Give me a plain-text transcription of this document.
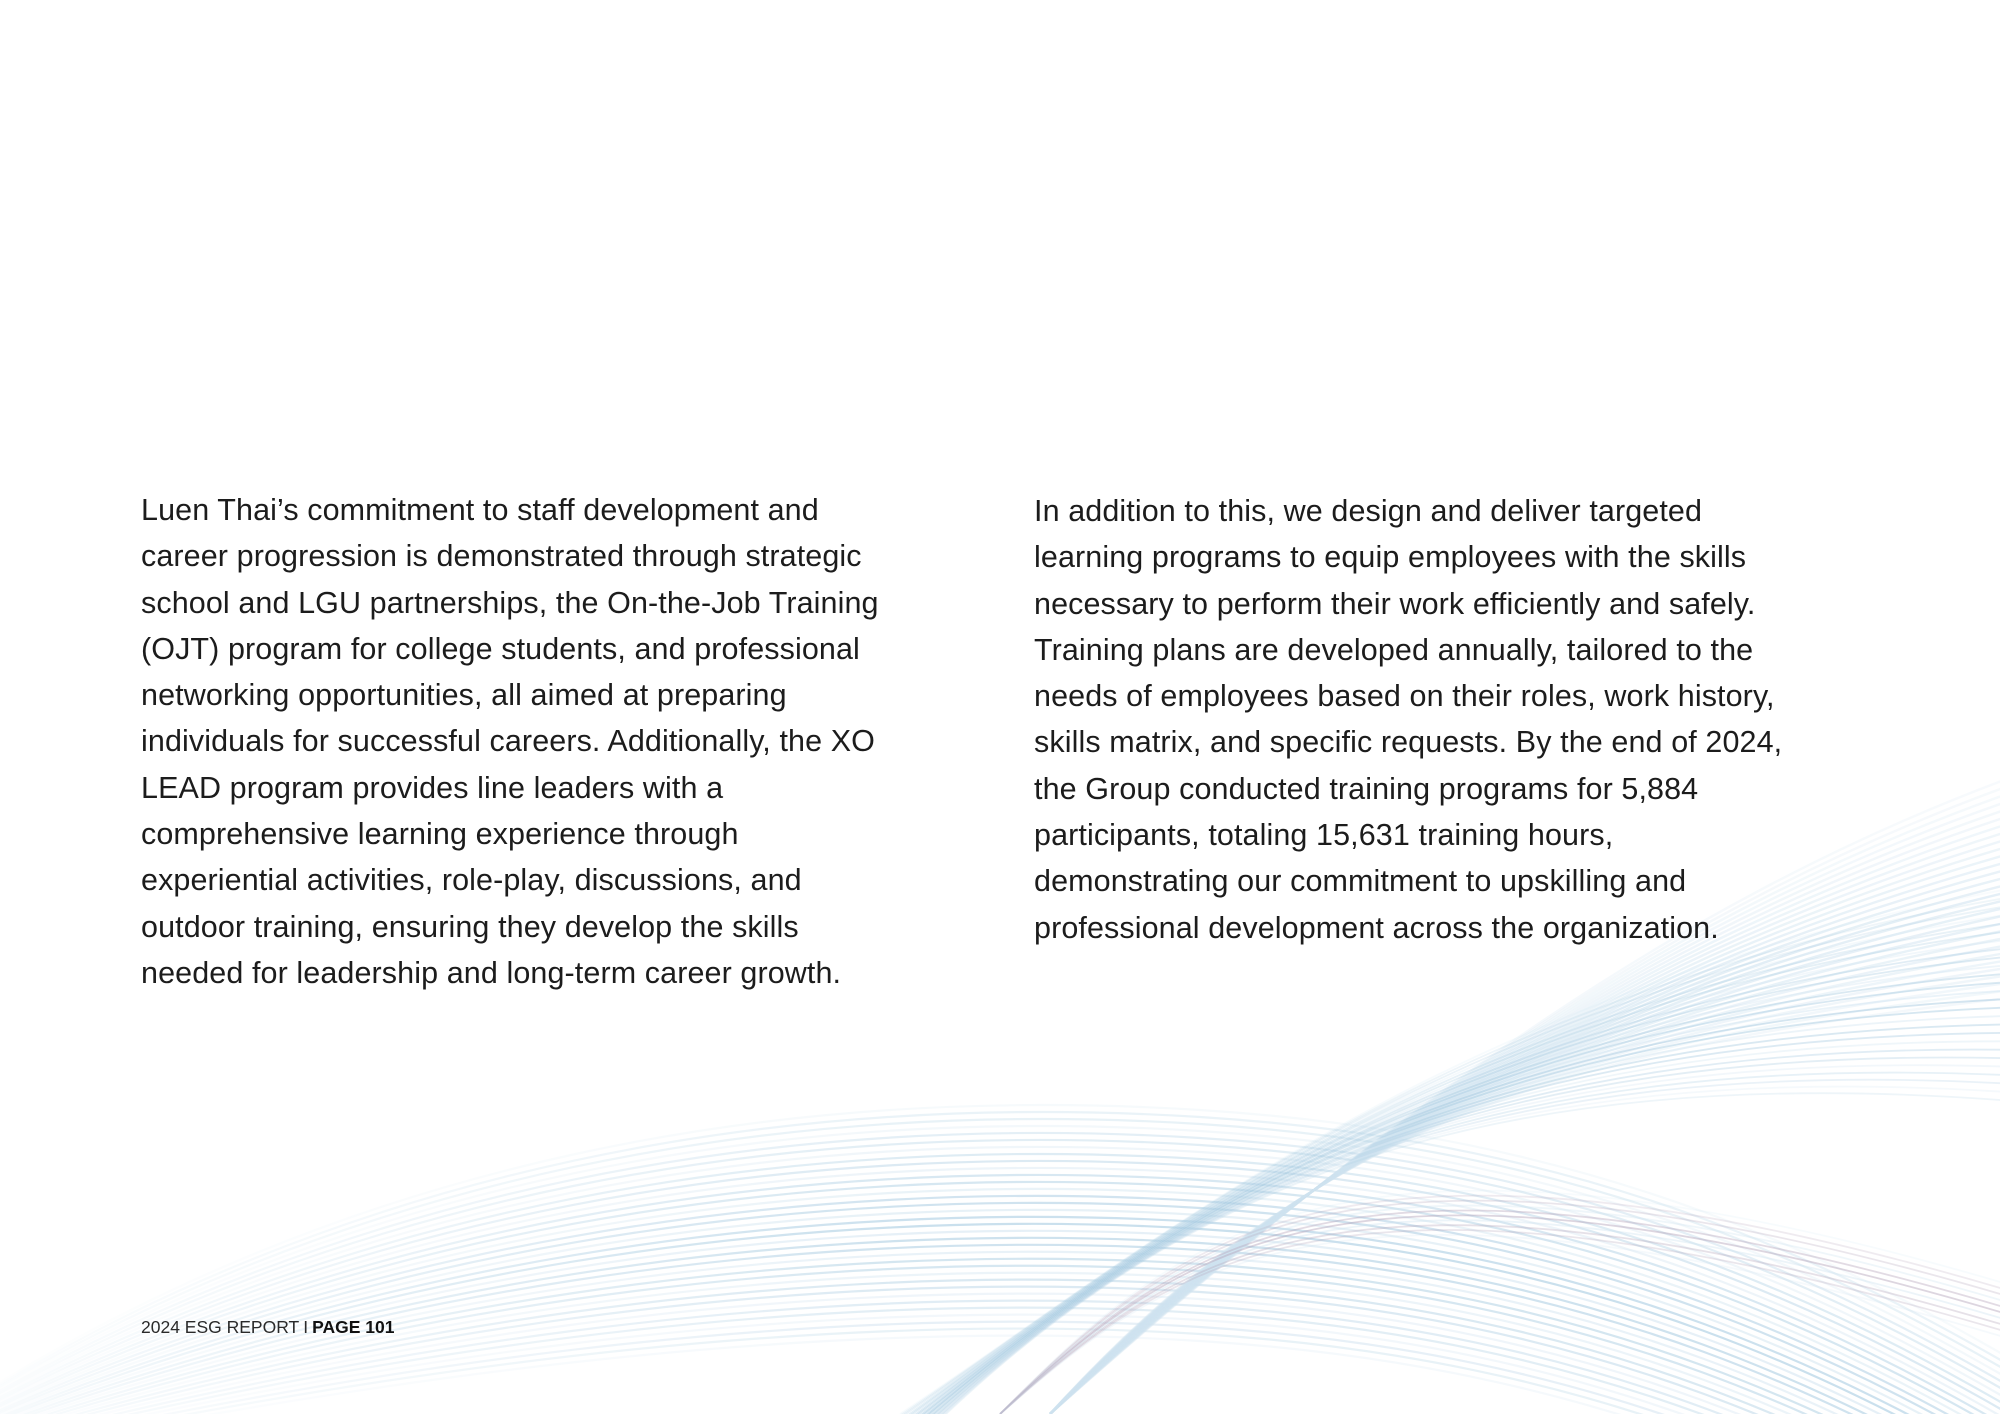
Luen Thai’s commitment to staff development and
career progression is demonstrated through strategic
school and LGU partnerships, the On-the-Job Training
(OJT) program for college students, and professional
networking opportunities, all aimed at preparing
individuals for successful careers. Additionally, the XO
LEAD program provides line leaders with a
comprehensive learning experience through
experiential activities, role-play, discussions, and
outdoor training, ensuring they develop the skills
needed for leadership and long-term career growth.
In addition to this, we design and deliver targeted
learning programs to equip employees with the skills
necessary to perform their work efficiently and safely.
Training plans are developed annually, tailored to the
needs of employees based on their roles, work history,
skills matrix, and specific requests. By the end of 2024,
the Group conducted training programs for 5,884
participants, totaling 15,631 training hours,
demonstrating our commitment to upskilling and
professional development across the organization.
2024 ESG REPORT I PAGE 101
